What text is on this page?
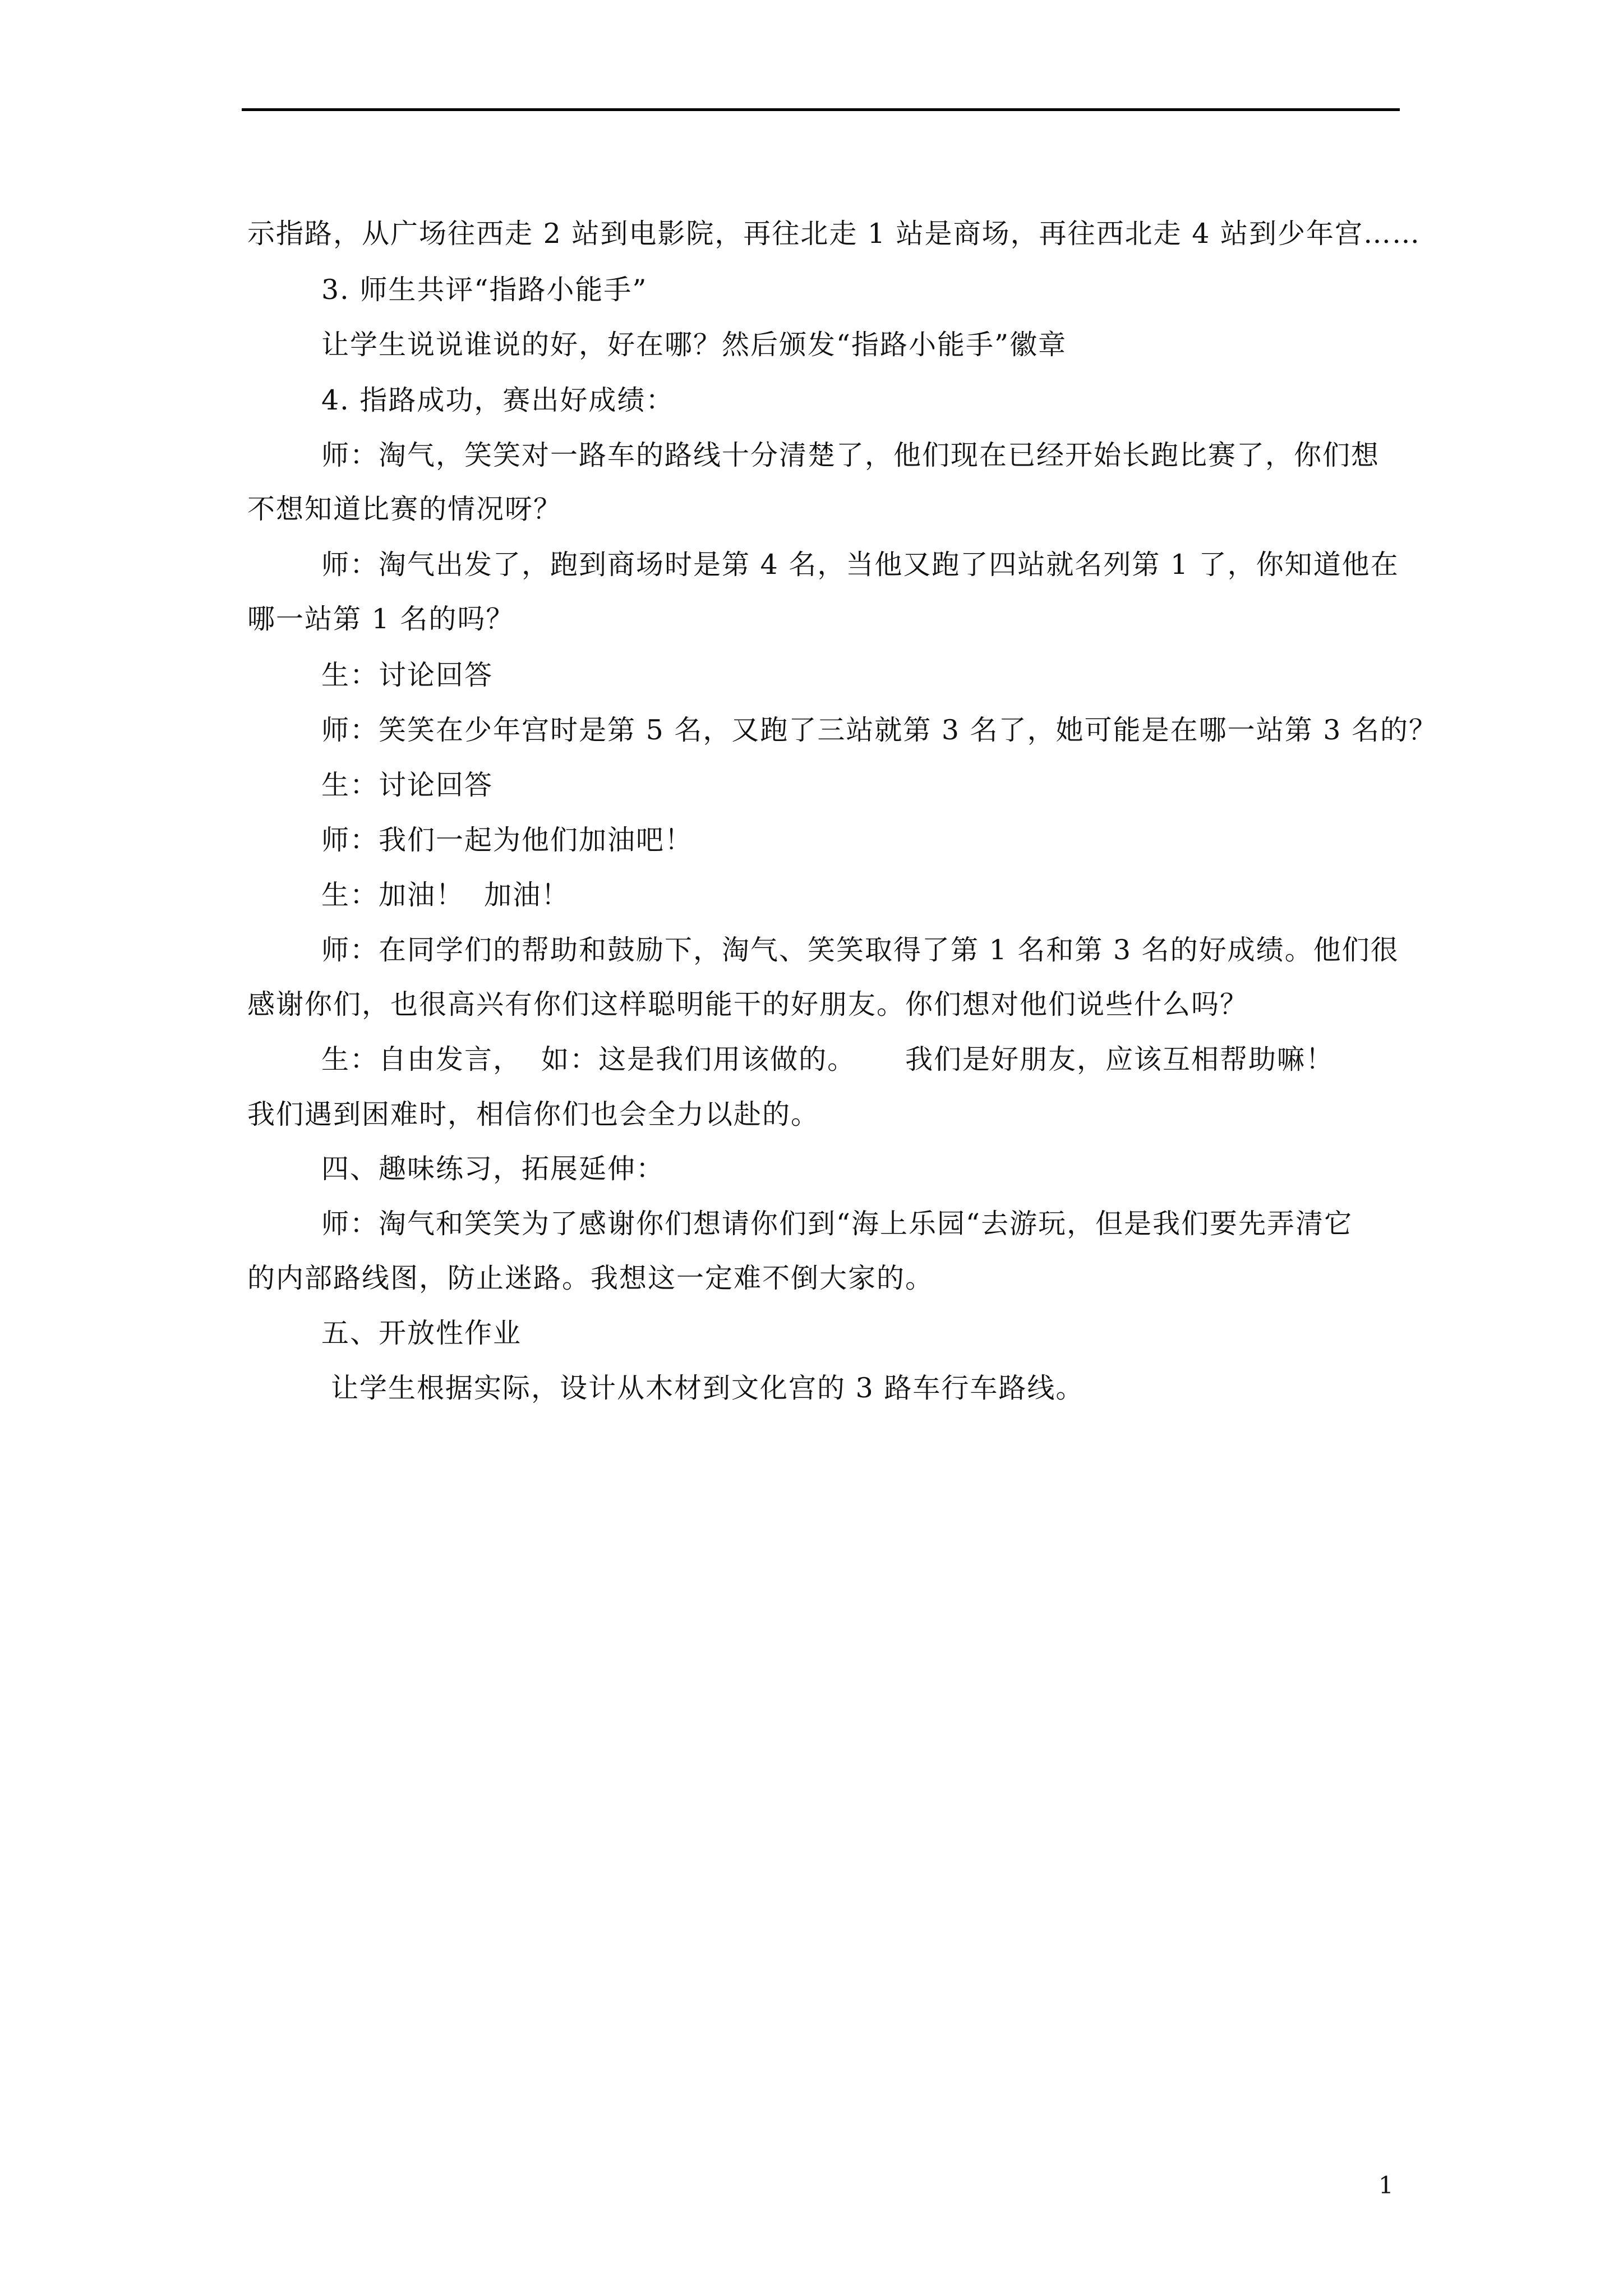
示指路，从广场往西走 2 站到电影院，再往北走 1 站是商场，再往西北走 4 站到少年宫……
3. 师生共评“指路小能手”
让学生说说谁说的好，好在哪？然后颁发“指路小能手”徽章
4. 指路成功，赛出好成绩：
师：淘气，笑笑对一路车的路线十分清楚了，他们现在已经开始长跑比赛了，你们想
不想知道比赛的情况呀？
师：淘气出发了，跑到商场时是第 4 名，当他又跑了四站就名列第 1 了，你知道他在
哪一站第 1 名的吗？
生：讨论回答
师：笑笑在少年宫时是第 5 名，又跑了三站就第 3 名了，她可能是在哪一站第 3 名的？
生：讨论回答
师：我们一起为他们加油吧！
生：加油！  加油！
师：在同学们的帮助和鼓励下，淘气、笑笑取得了第 1 名和第 3 名的好成绩。他们很
感谢你们，也很高兴有你们这样聪明能干的好朋友。你们想对他们说些什么吗？
生：自由发言，  如：这是我们用该做的。     我们是好朋友，应该互相帮助嘛！
我们遇到困难时，相信你们也会全力以赴的。
四、趣味练习，拓展延伸：
师：淘气和笑笑为了感谢你们想请你们到“海上乐园“去游玩，但是我们要先弄清它
的内部路线图，防止迷路。我想这一定难不倒大家的。
五、开放性作业
让学生根据实际，设计从木材到文化宫的 3 路车行车路线。
1
